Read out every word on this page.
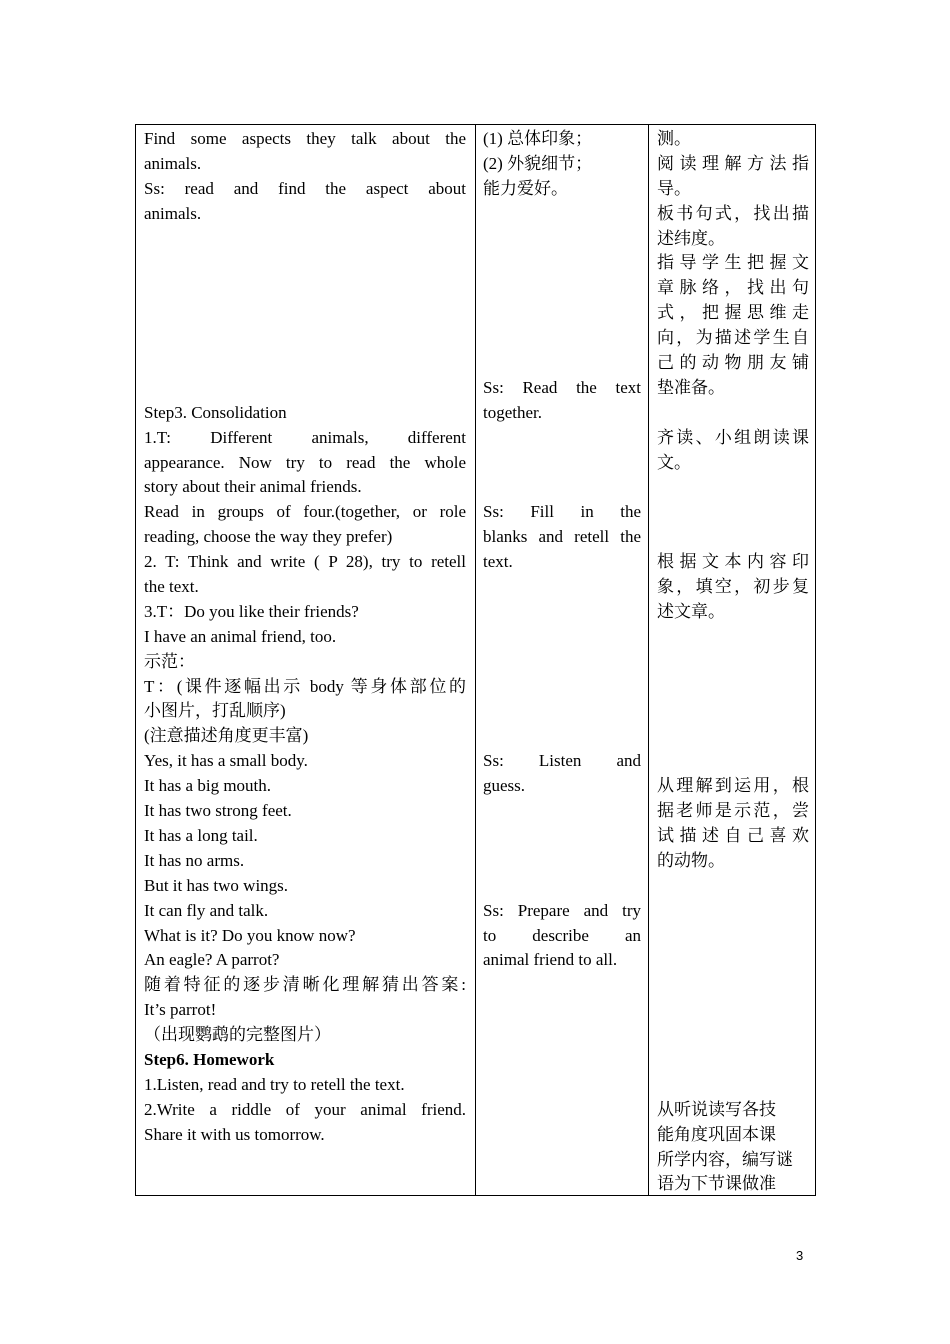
Find some aspects they talk about the
animals.
Ss: read and find the aspect about
animals.

Step3. Consolidation
1.T: Different animals, different
appearance. Now try to read the whole
story about their animal friends.
Read in groups of four.(together, or role
reading, choose the way they prefer)
2. T: Think and write ( P 28), try to retell
the text.
3.T：Do you like their friends?
I have an animal friend, too.
示范：
T：(课件逐幅出示 body 等身体部位的
小图片，打乱顺序)
(注意描述角度更丰富)
Yes, it has a small body.
It has a big mouth.
It has two strong feet.
It has a long tail.
It has no arms.
But it has two wings.
It can fly and talk.
What is it? Do you know now?
An eagle? A parrot?
随着特征的逐步清晰化理解猜出答案:
It’s parrot!
（出现鹦鹉的完整图片）
Step6. Homework
1.Listen, read and try to retell the text.
2.Write a riddle of your animal friend.
Share it with us tomorrow.
(1) 总体印象；
(2) 外貌细节；
能力爱好。

Ss: Read the text
together.

Ss: Fill in the
blanks and retell the
text.

Ss: Listen and
guess.

Ss: Prepare and try
to describe an
animal friend to all.
测。
阅读理解方法指
导。
板书句式，找出描
述纬度。
指导学生把握文
章脉络，找出句
式，把握思维走
向，为描述学生自
己的动物朋友铺
垫准备。

齐读、小组朗读课
文。

根据文本内容印
象，填空，初步复
述文章。

从理解到运用，根
据老师是示范，尝
试描述自己喜欢
的动物。

从听说读写各技
能角度巩固本课
所学内容，编写谜
语为下节课做准
3
